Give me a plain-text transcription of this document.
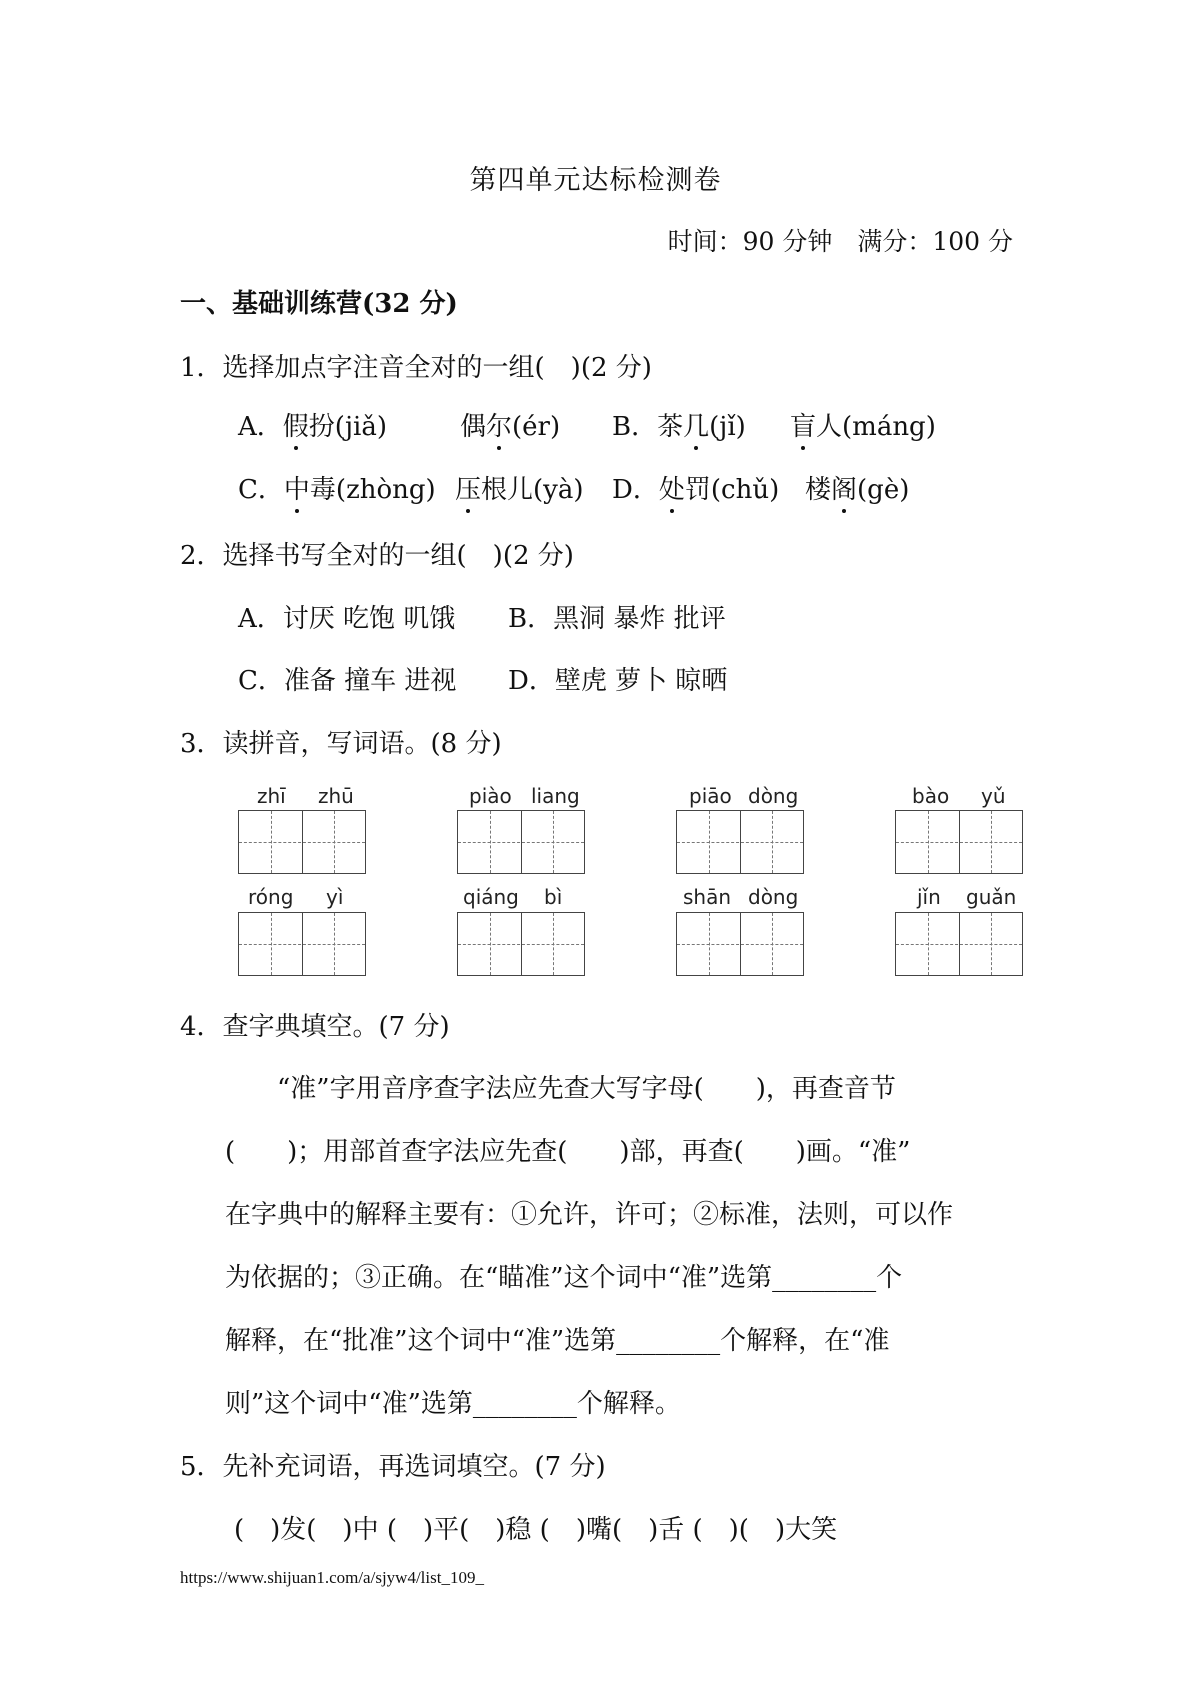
第四单元达标检测卷
时间：90 分钟　满分：100 分
一、基础训练营(32 分)
1．选择加点字注音全对的一组(　)(2 分)
A．假扮(jiǎ)	偶尔(ér) B．茶几(jǐ) 盲人(máng)
C．中毒(zhòng) 压根儿(yà) D．处罚(chǔ) 楼阁(gè)
2．选择书写全对的一组(　)(2 分)
A．讨厌 吃饱 叽饿 B．黑洞 暴炸 批评
C．准备 撞车 进视 D．壁虎 萝卜 晾晒
3．读拼音，写词语。(8 分)
zhī zhū	piào liang	piāo dòng	bào yǔ
róng yì	qiáng bì	shān dòng	jǐn guǎn
4．查字典填空。(7 分)
　　“准”字用音序查字法应先查大写字母(　　)，再查音节
(　　)；用部首查字法应先查(　　)部，再查(　　)画。“准”
在字典中的解释主要有：①允许，许可；②标准，法则，可以作
为依据的；③正确。在“瞄准”这个词中“准”选第________个
解释，在“批准”这个词中“准”选第________个解释，在“准
则”这个词中“准”选第________个解释。
5．先补充词语，再选词填空。(7 分)
(　)发(　)中 (　)平(　)稳 (　)嘴(　)舌 (　)(　)大笑
https://www.shijuan1.com/a/sjyw4/list_109_
